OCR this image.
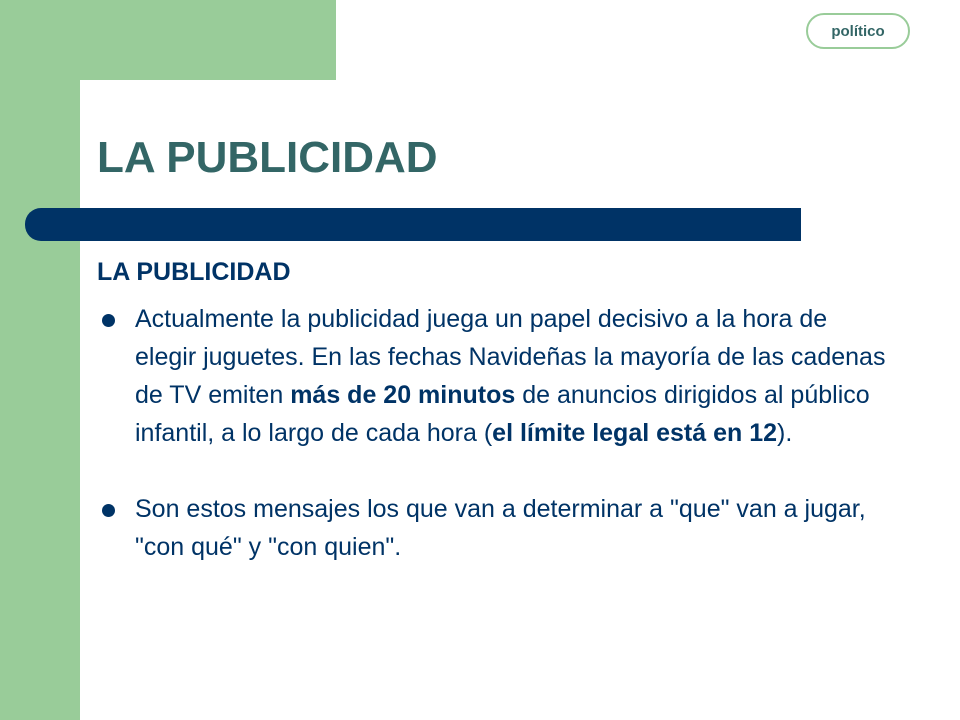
político
LA PUBLICIDAD

LA PUBLICIDAD

Actualmente la publicidad juega un papel decisivo a la hora de elegir juguetes. En las fechas Navideñas la mayoría de las cadenas de TV emiten más de 20 minutos de anuncios dirigidos al público infantil, a lo largo de cada hora (el límite legal está en 12).
Son estos mensajes los que van a determinar a "que" van a jugar, "con qué" y "con quien".
